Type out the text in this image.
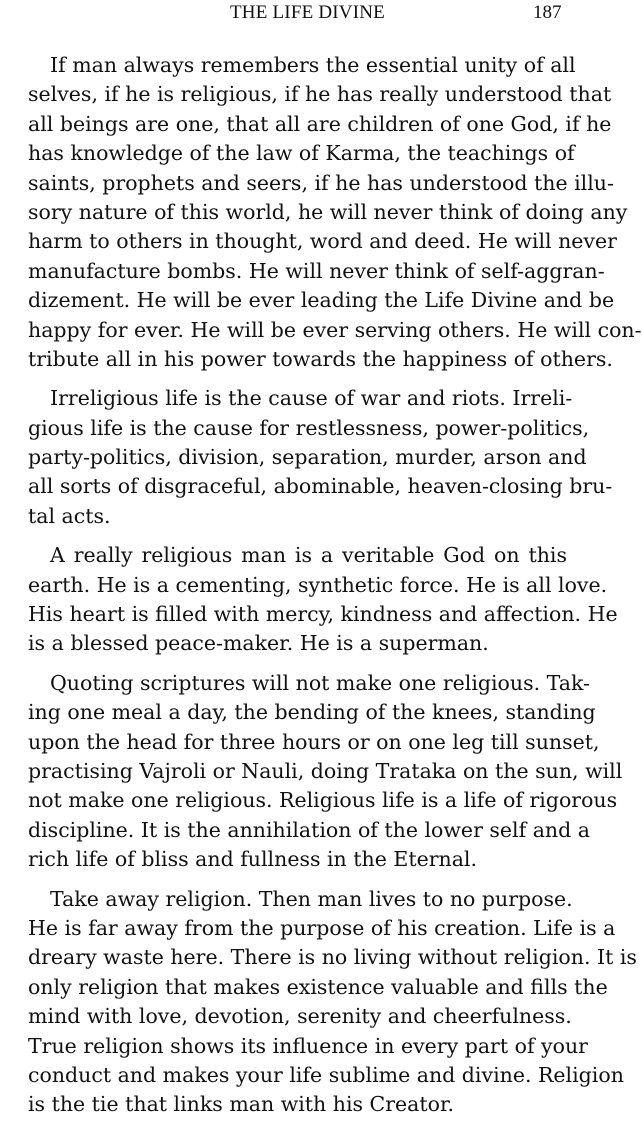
THE LIFE DIVINE	187

If man always remembers the essential unity of all
selves, if he is religious, if he has really understood that
all beings are one, that all are children of one God, if he
has knowledge of the law of Karma, the teachings of
saints, prophets and seers, if he has understood the illu-
sory nature of this world, he will never think of doing any
harm to others in thought, word and deed. He will never
manufacture bombs. He will never think of self-aggran-
dizement. He will be ever leading the Life Divine and be
happy for ever. He will be ever serving others. He will con-
tribute all in his power towards the happiness of others.

Irreligious life is the cause of war and riots. Irreli-
gious life is the cause for restlessness, power-politics,
party-politics, division, separation, murder, arson and
all sorts of disgraceful, abominable, heaven-closing bru-
tal acts.

A really religious man is a veritable God on this
earth. He is a cementing, synthetic force. He is all love.
His heart is filled with mercy, kindness and affection. He
is a blessed peace-maker. He is a superman.

Quoting scriptures will not make one religious. Tak-
ing one meal a day, the bending of the knees, standing
upon the head for three hours or on one leg till sunset,
practising Vajroli or Nauli, doing Trataka on the sun, will
not make one religious. Religious life is a life of rigorous
discipline. It is the annihilation of the lower self and a
rich life of bliss and fullness in the Eternal.

Take away religion. Then man lives to no purpose.
He is far away from the purpose of his creation. Life is a
dreary waste here. There is no living without religion. It is
only religion that makes existence valuable and fills the
mind with love, devotion, serenity and cheerfulness.
True religion shows its influence in every part of your
conduct and makes your life sublime and divine. Religion
is the tie that links man with his Creator.
